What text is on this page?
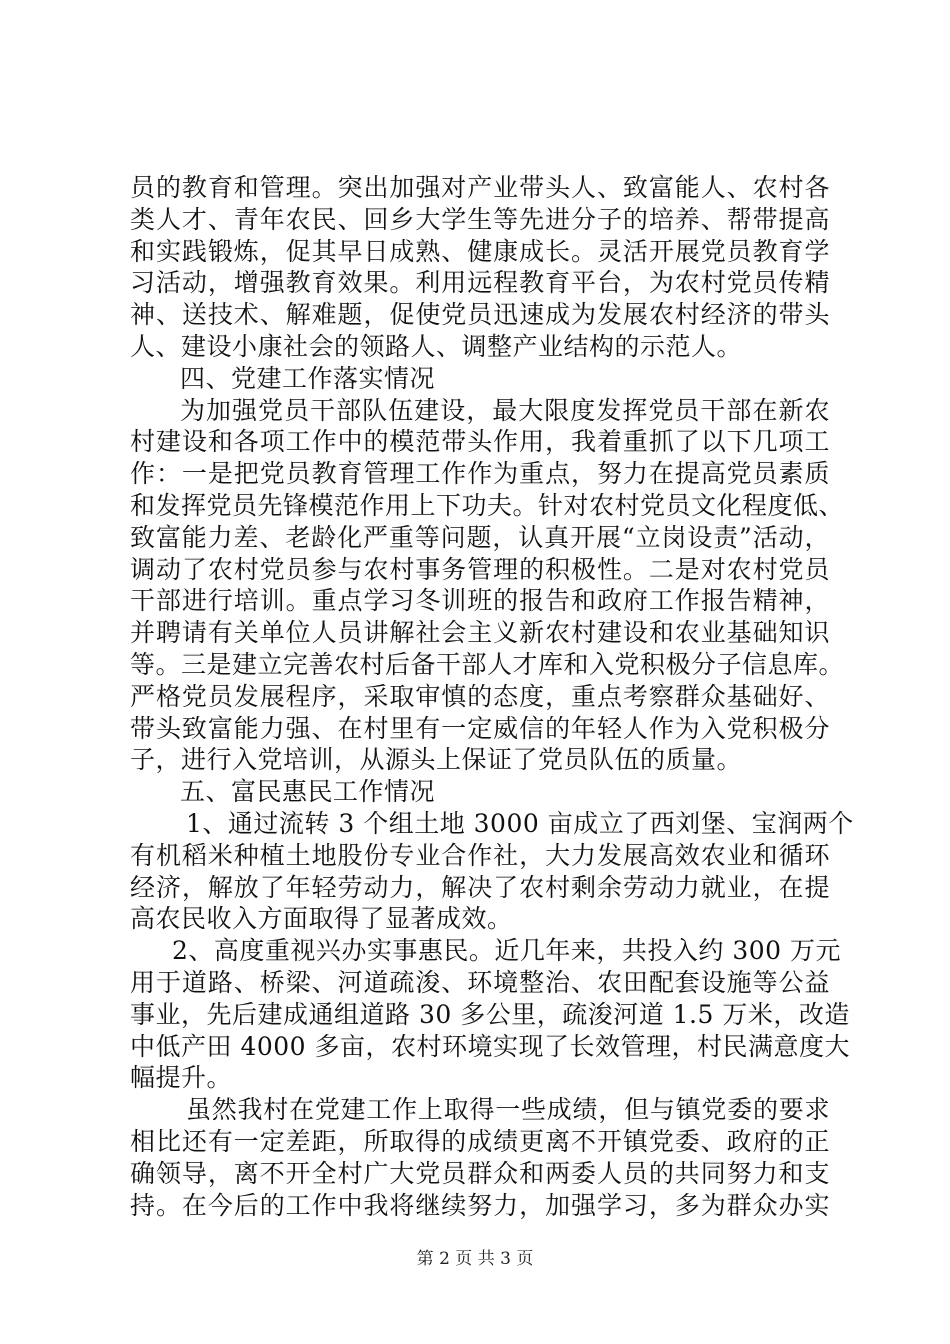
员的教育和管理。突出加强对产业带头人、致富能人、农村各
类人才、青年农民、回乡大学生等先进分子的培养、帮带提高
和实践锻炼，促其早日成熟、健康成长。灵活开展党员教育学
习活动，增强教育效果。利用远程教育平台，为农村党员传精
神、送技术、解难题，促使党员迅速成为发展农村经济的带头
人、建设小康社会的领路人、调整产业结构的示范人。
四、党建工作落实情况
为加强党员干部队伍建设，最大限度发挥党员干部在新农
村建设和各项工作中的模范带头作用，我着重抓了以下几项工
作：一是把党员教育管理工作作为重点，努力在提高党员素质
和发挥党员先锋模范作用上下功夫。针对农村党员文化程度低、
致富能力差、老龄化严重等问题，认真开展“立岗设责”活动，
调动了农村党员参与农村事务管理的积极性。二是对农村党员
干部进行培训。重点学习冬训班的报告和政府工作报告精神，
并聘请有关单位人员讲解社会主义新农村建设和农业基础知识
等。三是建立完善农村后备干部人才库和入党积极分子信息库。
严格党员发展程序，采取审慎的态度，重点考察群众基础好、
带头致富能力强、在村里有一定威信的年轻人作为入党积极分
子，进行入党培训，从源头上保证了党员队伍的质量。
五、富民惠民工作情况
1、通过流转 3 个组土地 3000 亩成立了西刘堡、宝润两个
有机稻米种植土地股份专业合作社，大力发展高效农业和循环
经济，解放了年轻劳动力，解决了农村剩余劳动力就业，在提
高农民收入方面取得了显著成效。
2、高度重视兴办实事惠民。近几年来，共投入约 300 万元
用于道路、桥梁、河道疏浚、环境整治、农田配套设施等公益
事业，先后建成通组道路 30 多公里，疏浚河道 1.5 万米，改造
中低产田 4000 多亩，农村环境实现了长效管理，村民满意度大
幅提升。
虽然我村在党建工作上取得一些成绩，但与镇党委的要求
相比还有一定差距，所取得的成绩更离不开镇党委、政府的正
确领导，离不开全村广大党员群众和两委人员的共同努力和支
持。在今后的工作中我将继续努力，加强学习，多为群众办实
第 2 页 共 3 页
